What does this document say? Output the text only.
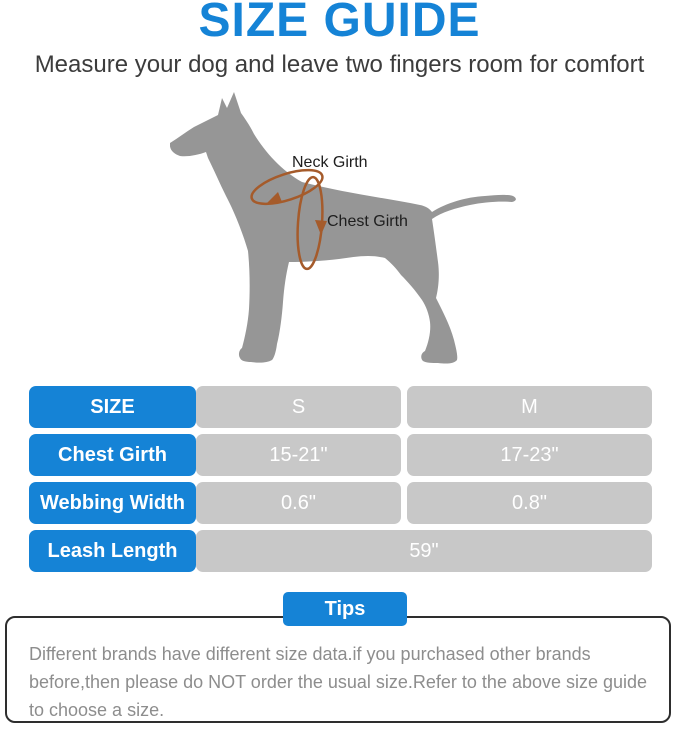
SIZE GUIDE
Measure your dog and leave two fingers room for comfort
Neck Girth
Chest Girth
SIZE	S	M
Chest Girth	15-21"	17-23"
Webbing Width	0.6"	0.8"
Leash Length	59"

Different brands have different size data.if you purchased other brands before,then please do NOT order the usual size.Refer to the above size guide to choose a size.

Tips
